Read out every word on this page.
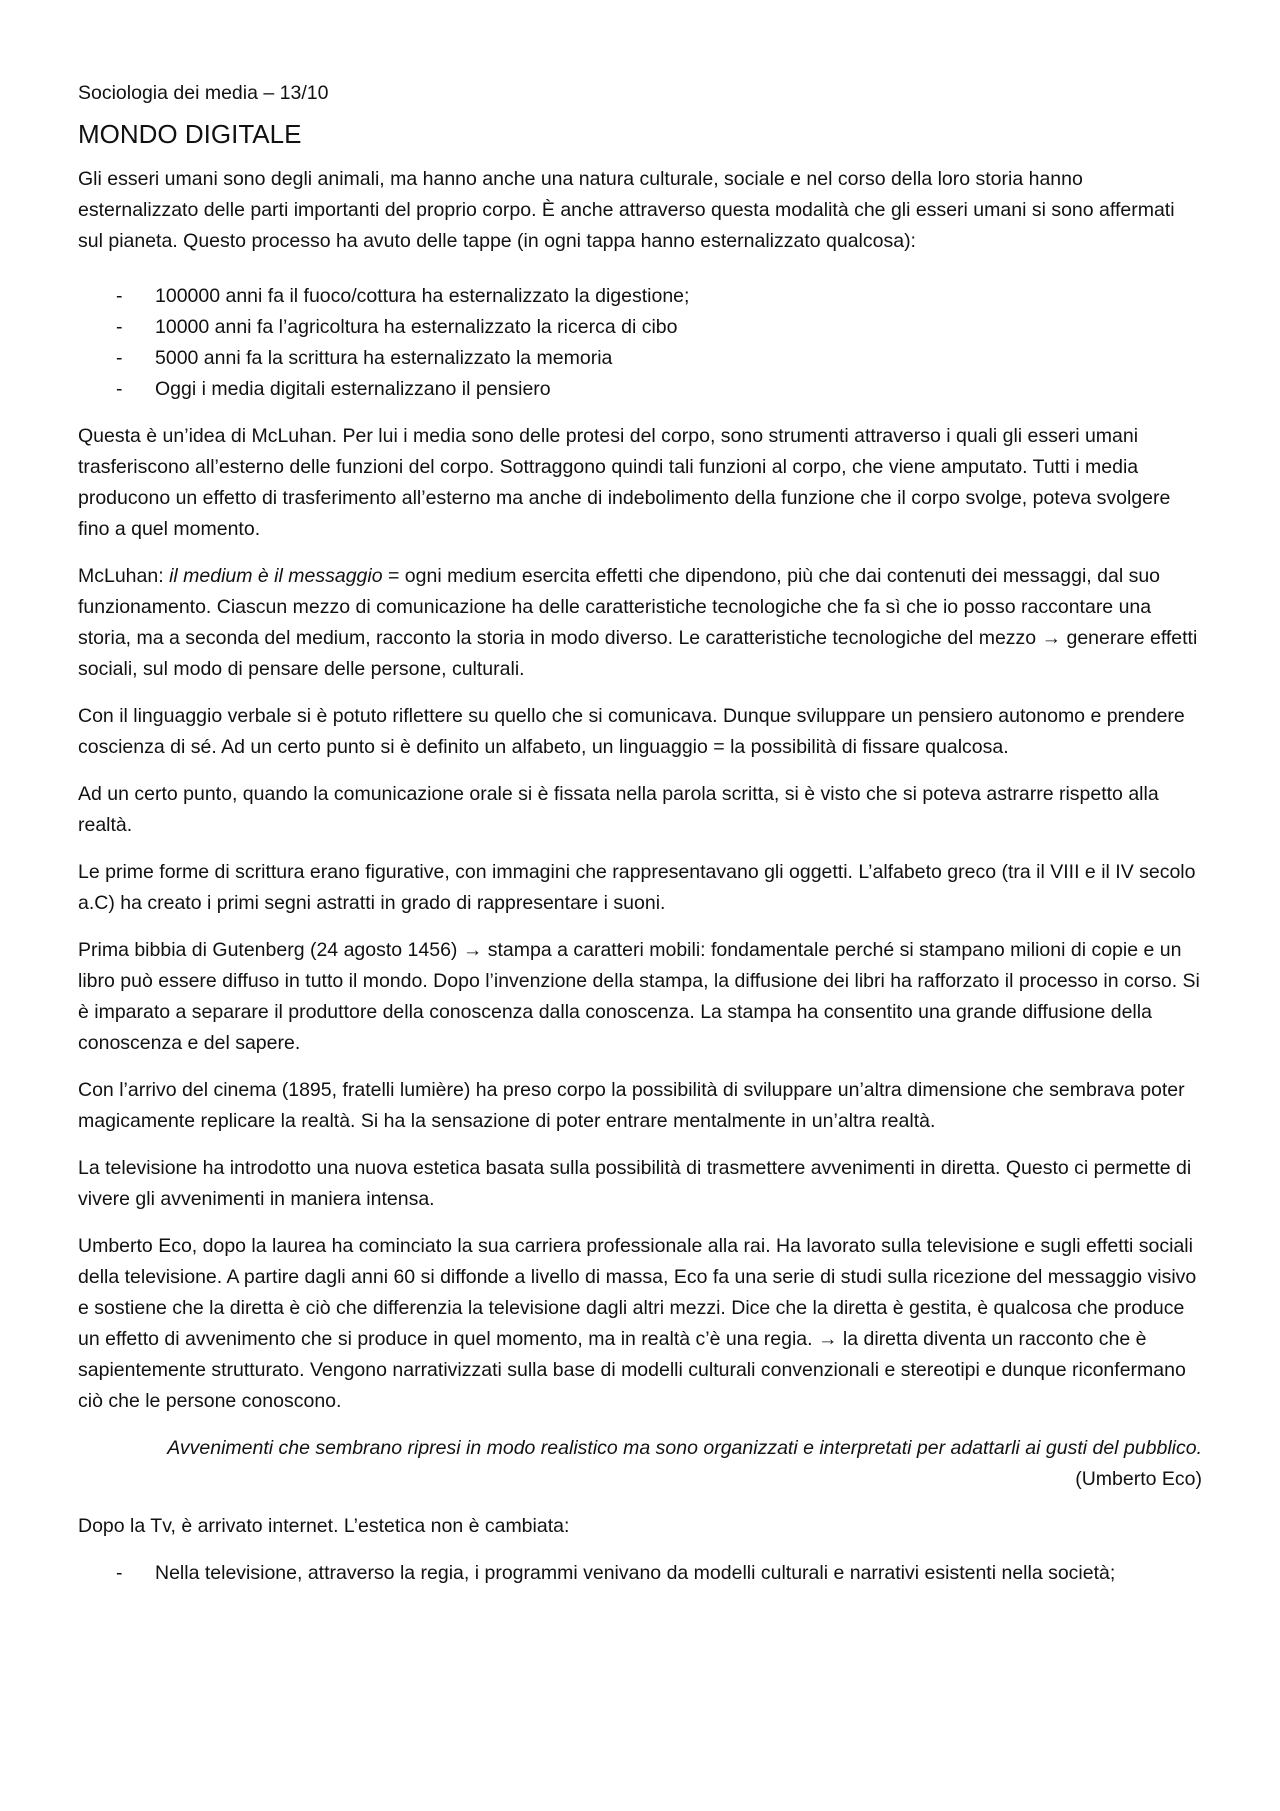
Sociologia dei media – 13/10
MONDO DIGITALE

Gli esseri umani sono degli animali, ma hanno anche una natura culturale, sociale e nel corso della loro storia hanno esternalizzato delle parti importanti del proprio corpo. È anche attraverso questa modalità che gli esseri umani si sono affermati sul pianeta. Questo processo ha avuto delle tappe (in ogni tappa hanno esternalizzato qualcosa):

- 100000 anni fa il fuoco/cottura ha esternalizzato la digestione;
- 10000 anni fa l’agricoltura ha esternalizzato la ricerca di cibo
- 5000 anni fa la scrittura ha esternalizzato la memoria
- Oggi i media digitali esternalizzano il pensiero

Questa è un’idea di McLuhan. Per lui i media sono delle protesi del corpo, sono strumenti attraverso i quali gli esseri umani trasferiscono all’esterno delle funzioni del corpo. Sottraggono quindi tali funzioni al corpo, che viene amputato. Tutti i media producono un effetto di trasferimento all’esterno ma anche di indebolimento della funzione che il corpo svolge, poteva svolgere fino a quel momento.

McLuhan: il medium è il messaggio = ogni medium esercita effetti che dipendono, più che dai contenuti dei messaggi, dal suo funzionamento. Ciascun mezzo di comunicazione ha delle caratteristiche tecnologiche che fa sì che io posso raccontare una storia, ma a seconda del medium, racconto la storia in modo diverso. Le caratteristiche tecnologiche del mezzo → generare effetti sociali, sul modo di pensare delle persone, culturali.

Con il linguaggio verbale si è potuto riflettere su quello che si comunicava. Dunque sviluppare un pensiero autonomo e prendere coscienza di sé. Ad un certo punto si è definito un alfabeto, un linguaggio = la possibilità di fissare qualcosa.

Ad un certo punto, quando la comunicazione orale si è fissata nella parola scritta, si è visto che si poteva astrarre rispetto alla realtà.

Le prime forme di scrittura erano figurative, con immagini che rappresentavano gli oggetti. L’alfabeto greco (tra il VIII e il IV secolo a.C) ha creato i primi segni astratti in grado di rappresentare i suoni.

Prima bibbia di Gutenberg (24 agosto 1456) → stampa a caratteri mobili: fondamentale perché si stampano milioni di copie e un libro può essere diffuso in tutto il mondo. Dopo l’invenzione della stampa, la diffusione dei libri ha rafforzato il processo in corso. Si è imparato a separare il produttore della conoscenza dalla conoscenza. La stampa ha consentito una grande diffusione della conoscenza e del sapere.

Con l’arrivo del cinema (1895, fratelli lumière) ha preso corpo la possibilità di sviluppare un’altra dimensione che sembrava poter magicamente replicare la realtà. Si ha la sensazione di poter entrare mentalmente in un’altra realtà.

La televisione ha introdotto una nuova estetica basata sulla possibilità di trasmettere avvenimenti in diretta. Questo ci permette di vivere gli avvenimenti in maniera intensa.

Umberto Eco, dopo la laurea ha cominciato la sua carriera professionale alla rai. Ha lavorato sulla televisione e sugli effetti sociali della televisione. A partire dagli anni 60 si diffonde a livello di massa, Eco fa una serie di studi sulla ricezione del messaggio visivo e sostiene che la diretta è ciò che differenzia la televisione dagli altri mezzi. Dice che la diretta è gestita, è qualcosa che produce un effetto di avvenimento che si produce in quel momento, ma in realtà c’è una regia. → la diretta diventa un racconto che è sapientemente strutturato. Vengono narrativizzati sulla base di modelli culturali convenzionali e stereotipi e dunque riconfermano ciò che le persone conoscono.

Avvenimenti che sembrano ripresi in modo realistico ma sono organizzati e interpretati per adattarli ai gusti del pubblico. (Umberto Eco)

Dopo la Tv, è arrivato internet. L’estetica non è cambiata:

- Nella televisione, attraverso la regia, i programmi venivano da modelli culturali e narrativi esistenti nella società;
